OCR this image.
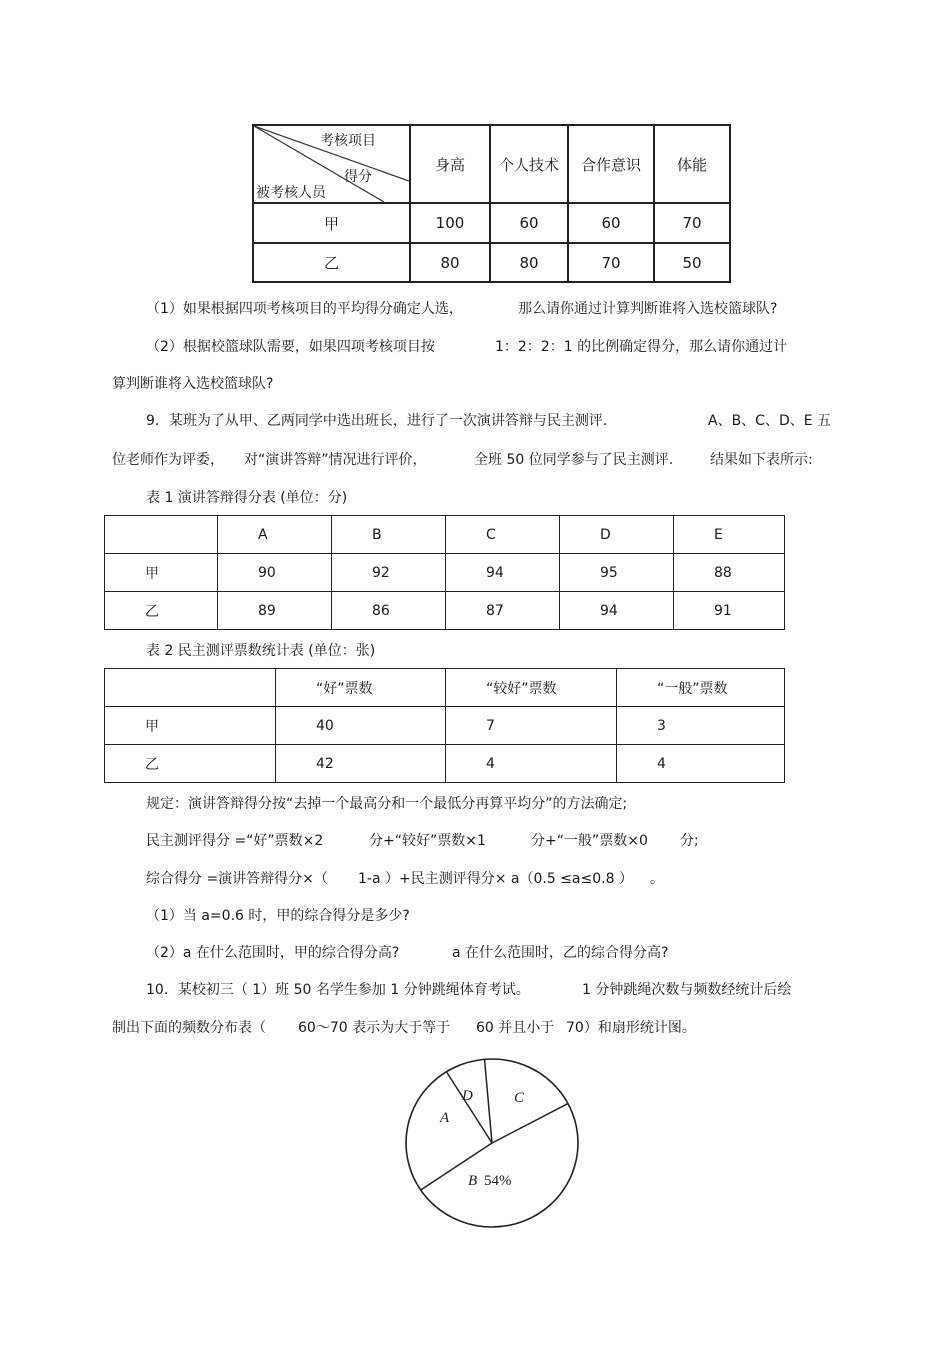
考核项目
得分
被考核人员	身高	个人技术	合作意识	体能
甲	100	60	60	70
乙	80	80	70	50
（1）如果根据四项考核项目的平均得分确定人选，	那么请你通过计算判断谁将入选校篮球队?
（2）根据校篮球队需要，如果四项考核项目按	1：2：2：1 的比例确定得分，那么请你通过计
算判断谁将入选校篮球队?
9．某班为了从甲、乙两同学中选出班长，进行了一次演讲答辩与民主测评.	A、B、C、D、E 五
位老师作为评委， 对“演讲答辩”情况进行评价，	全班 50 位同学参与了民主测评.	结果如下表所示:
表 1 演讲答辩得分表 (单位：分)
	A	B	C	D	E
甲	90	92	94	95	88
乙	89	86	87	94	91
表 2 民主测评票数统计表 (单位：张)
	“好”票数	“较好”票数	“一般”票数
甲	40	7	3
乙	42	4	4
规定：演讲答辩得分按“去掉一个最高分和一个最低分再算平均分”的方法确定;
民主测评得分 =“好”票数×2	分+“较好”票数×1	分+“一般”票数×0 分;
综合得分 =演讲答辩得分×（ 1-a ）+民主测评得分× a（0.5 ≤a≤0.8 ） 。
（1）当 a=0.6 时，甲的综合得分是多少?
（2）a 在什么范围时，甲的综合得分高?	a 在什么范围时，乙的综合得分高?
10．某校初三（ 1）班 50 名学生参加 1 分钟跳绳体育考试。	1 分钟跳绳次数与频数经统计后绘
制出下面的频数分布表（ 60～70 表示为大于等于 60 并且小于 70）和扇形统计图。
A
D	C
B 54%
